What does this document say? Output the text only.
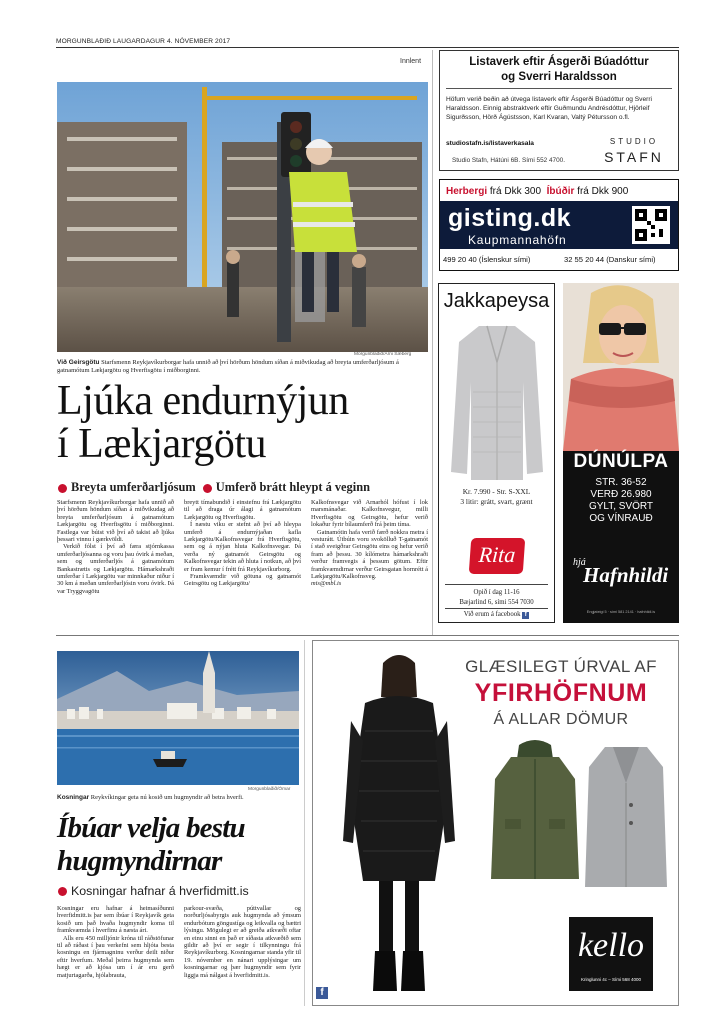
MORGUNBLAÐIÐ LAUGARDAGUR 4. NÓVEMBER 2017
Innlent
Morgunblaðið/Árni Sæberg
Við Geirsgötu Starfsmenn Reykjavíkurborgar hafa unnið að því hörðum höndum síðan á miðvikudag að breyta umferðarljósum á gatnamótum Lækjargötu og Hverfisgötu í miðborginni.
Ljúka endurnýjun
í Lækjargötu
Breyta umferðarljósum Umferð brátt hleypt á veginn

Starfsmenn Reykjavíkurborgar hafa unnið að því hörðum höndum síðan á miðvikudag að breyta umferðarljósum á gatnamótum Lækjargötu og Hverfisgötu í miðborginni. Fastlega var búist við því að takist að ljúka þessari vinnu í gærkvöldi.

Verkið fólst í því að færa stjórnkassa umferðarljósanna og voru þau óvirk á meðan, sem og umferðarljós á gatnamótum Bankastrætis og Lækjargötu. Hámarkshraði umferðar í Lækjargötu var minnkaður niður í 30 km á meðan umferðarljósin voru óvirk. Þá var Tryggvagötu

breytt tímabundið í einstefnu frá Lækjargötu til að draga úr álagi á gatnamótum Lækjargötu og Hverfisgötu.

Í næstu viku er stefnt að því að hleypa umferð á endurnýjaðan kafla Lækjargötu/Kalkofnsvegar frá Hverfisgötu, sem og á nýjan hluta Kalkofnsvegar. Þá verða ný gatnamót Geirsgötu og Kalkofnsvegar tekin að hluta í notkun, að því er fram kemur í frétt frá Reykjavíkurborg.

Framkvæmdir við götuna og gatnamót Geirsgötu og Lækjargötu/

Kalkofnsvegar við Arnarhól hófust í lok marsmánaðar. Kalkofnsvegur, milli Hverfisgötu og Geirsgötu, hefur verið lokaður fyrir bílaumferð frá þeim tíma.

Gatnamótin hafa verið færð nokkra metra í vesturátt. Útbúin voru svokölluð T-gatnamót í stað sveigðrar Geirsgötu eins og hefur verið fram að þessu. 30 kílómetra hámarkshraði verður framvegis á þessum götum. Eftir framkvæmdirnar verður Geirsgatan hornrétt á Lækjargötu/Kalkofnsveg.

mis@mbl.is

Listaverk eftir Ásgerði Búadóttur
og Sverri Haraldsson
Höfum verið beðin að útvega listaverk eftir Ásgerði Búadóttur og Sverri Haraldsson. Einnig abstraktverk eftir Guðmundu Andrésdóttur, Hjörleif Sigurðsson, Hörð Ágústsson, Karl Kvaran, Valtý Pétursson o.fl.
studiostafn.is/listaverkasala
Studio Stafn, Hátúni 6B. Sími 552 4700.
STUDIO
STAFN
Herbergi frá Dkk 300 Íbúðir frá Dkk 900
gisting.dk
Kaupmannahöfn
499 20 40 (Íslenskur sími)	32 55 20 44 (Danskur sími)
Jakkapeysa
Kr. 7.990 - Str. S-XXL
3 litir: grátt, svart, grænt
Rita
Opið í dag 11-16
Bæjarlind 6, sími 554 7030
Við erum á facebook f
DÚNÚLPA
STR. 36-52
VERÐ 26.980
GYLT, SVÖRT
OG VÍNRAUÐ
hjá
Hafnhildi
Engjateigi 5 · sími 581 2141 · hafnhildi.is
Morgunblaðið/Ómar
Kosningar Reykvíkingar geta nú kosið um hugmyndir að betra hverfi.
Íbúar velja bestu
hugmyndirnar
Kosningar hafnar á hverfidmitt.is

Kosningar eru hafnar á heimasíðunni hverfidmitt.is þar sem íbúar í Reykjavík geta kosið um það hvaða hugmyndir koma til framkvæmda í hverfinu á næsta ári.

Alls eru 450 milljónir króna til ráðstöfunar til að ráðast í þau verkefni sem hljóta besta kosningu en fjármagninu verður deilt niður eftir hverfum. Meðal þeirra hugmynda sem hægt er að kjósa um í ár eru gerð matjurtagarða, hjólabrauta,

parkour-svæða, púttvallar og norðurljósabyrgis auk hugmynda að ýmsum endurbótum göngustíga og leikvalla og bættri lýsingu. Mögulegt er að greiða atkvæði oftar en einu sinni en það er síðasta atkvæðið sem gildir að því er segir í tilkynningu frá Reykjavíkurborg. Kosningarnar standa yfir til 19. nóvember en nánari upplýsingar um kosningarnar og þær hugmyndir sem fyrir liggja má nálgast á hverfidmitt.is.

GLÆSILEGT ÚRVAL AF
YFIRHÖFNUM
Á ALLAR DÖMUR
kello
Kringlunni 4c – Sími 568 4000
f
